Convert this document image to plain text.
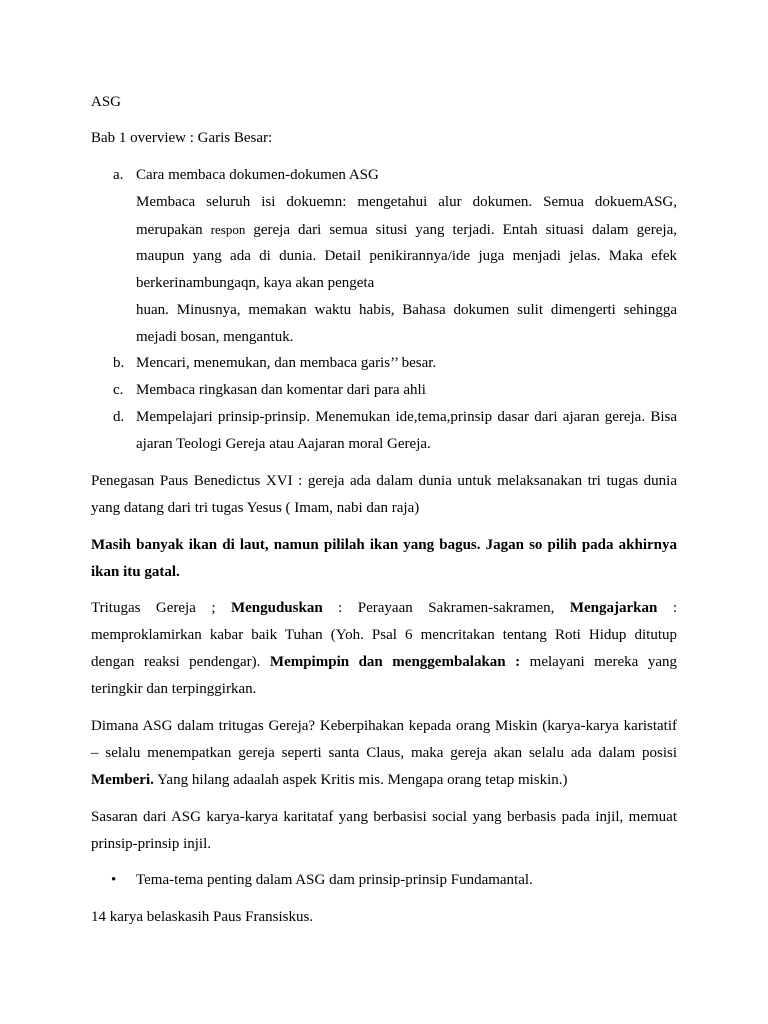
ASG
Bab 1 overview : Garis Besar:
a. Cara membaca dokumen-dokumen ASG
Membaca seluruh isi dokuemn: mengetahui alur dokumen. Semua dokuemASG,
merupakan respon gereja dari semua situsi yang terjadi. Entah situasi dalam gereja,
maupun yang ada di dunia. Detail penikirannya/ide juga menjadi jelas. Maka efek
berkerinambungaqn, kaya akan pengeta
huan. Minusnya, memakan waktu habis, Bahasa dokumen sulit dimengerti sehingga
mejadi bosan, mengantuk.
b. Mencari, menemukan, dan membaca garis’’ besar.
c. Membaca ringkasan dan komentar dari para ahli
d. Mempelajari prinsip-prinsip. Menemukan ide,tema,prinsip dasar dari ajaran gereja. Bisa
ajaran Teologi Gereja atau Aajaran moral Gereja.
Penegasan Paus Benedictus XVI : gereja ada dalam dunia untuk melaksanakan tri tugas dunia
yang datang dari tri tugas Yesus ( Imam, nabi dan raja)
Masih banyak ikan di laut, namun pililah ikan yang bagus. Jagan so pilih pada akhirnya
ikan itu gatal.
Tritugas Gereja ; Menguduskan : Perayaan Sakramen-sakramen, Mengajarkan :
memproklamirkan kabar baik Tuhan (Yoh. Psal 6 mencritakan tentang Roti Hidup ditutup
dengan reaksi pendengar). Mempimpin dan menggembalakan : melayani mereka yang
teringkir dan terpinggirkan.
Dimana ASG dalam tritugas Gereja? Keberpihakan kepada orang Miskin (karya-karya karistatif
– selalu menempatkan gereja seperti santa Claus, maka gereja akan selalu ada dalam posisi
Memberi. Yang hilang adaalah aspek Kritis mis. Mengapa orang tetap miskin.)
Sasaran dari ASG karya-karya karitataf yang berbasisi social yang berbasis pada injil, memuat
prinsip-prinsip injil.
• Tema-tema penting dalam ASG dam prinsip-prinsip Fundamantal.
14 karya belaskasih Paus Fransiskus.
